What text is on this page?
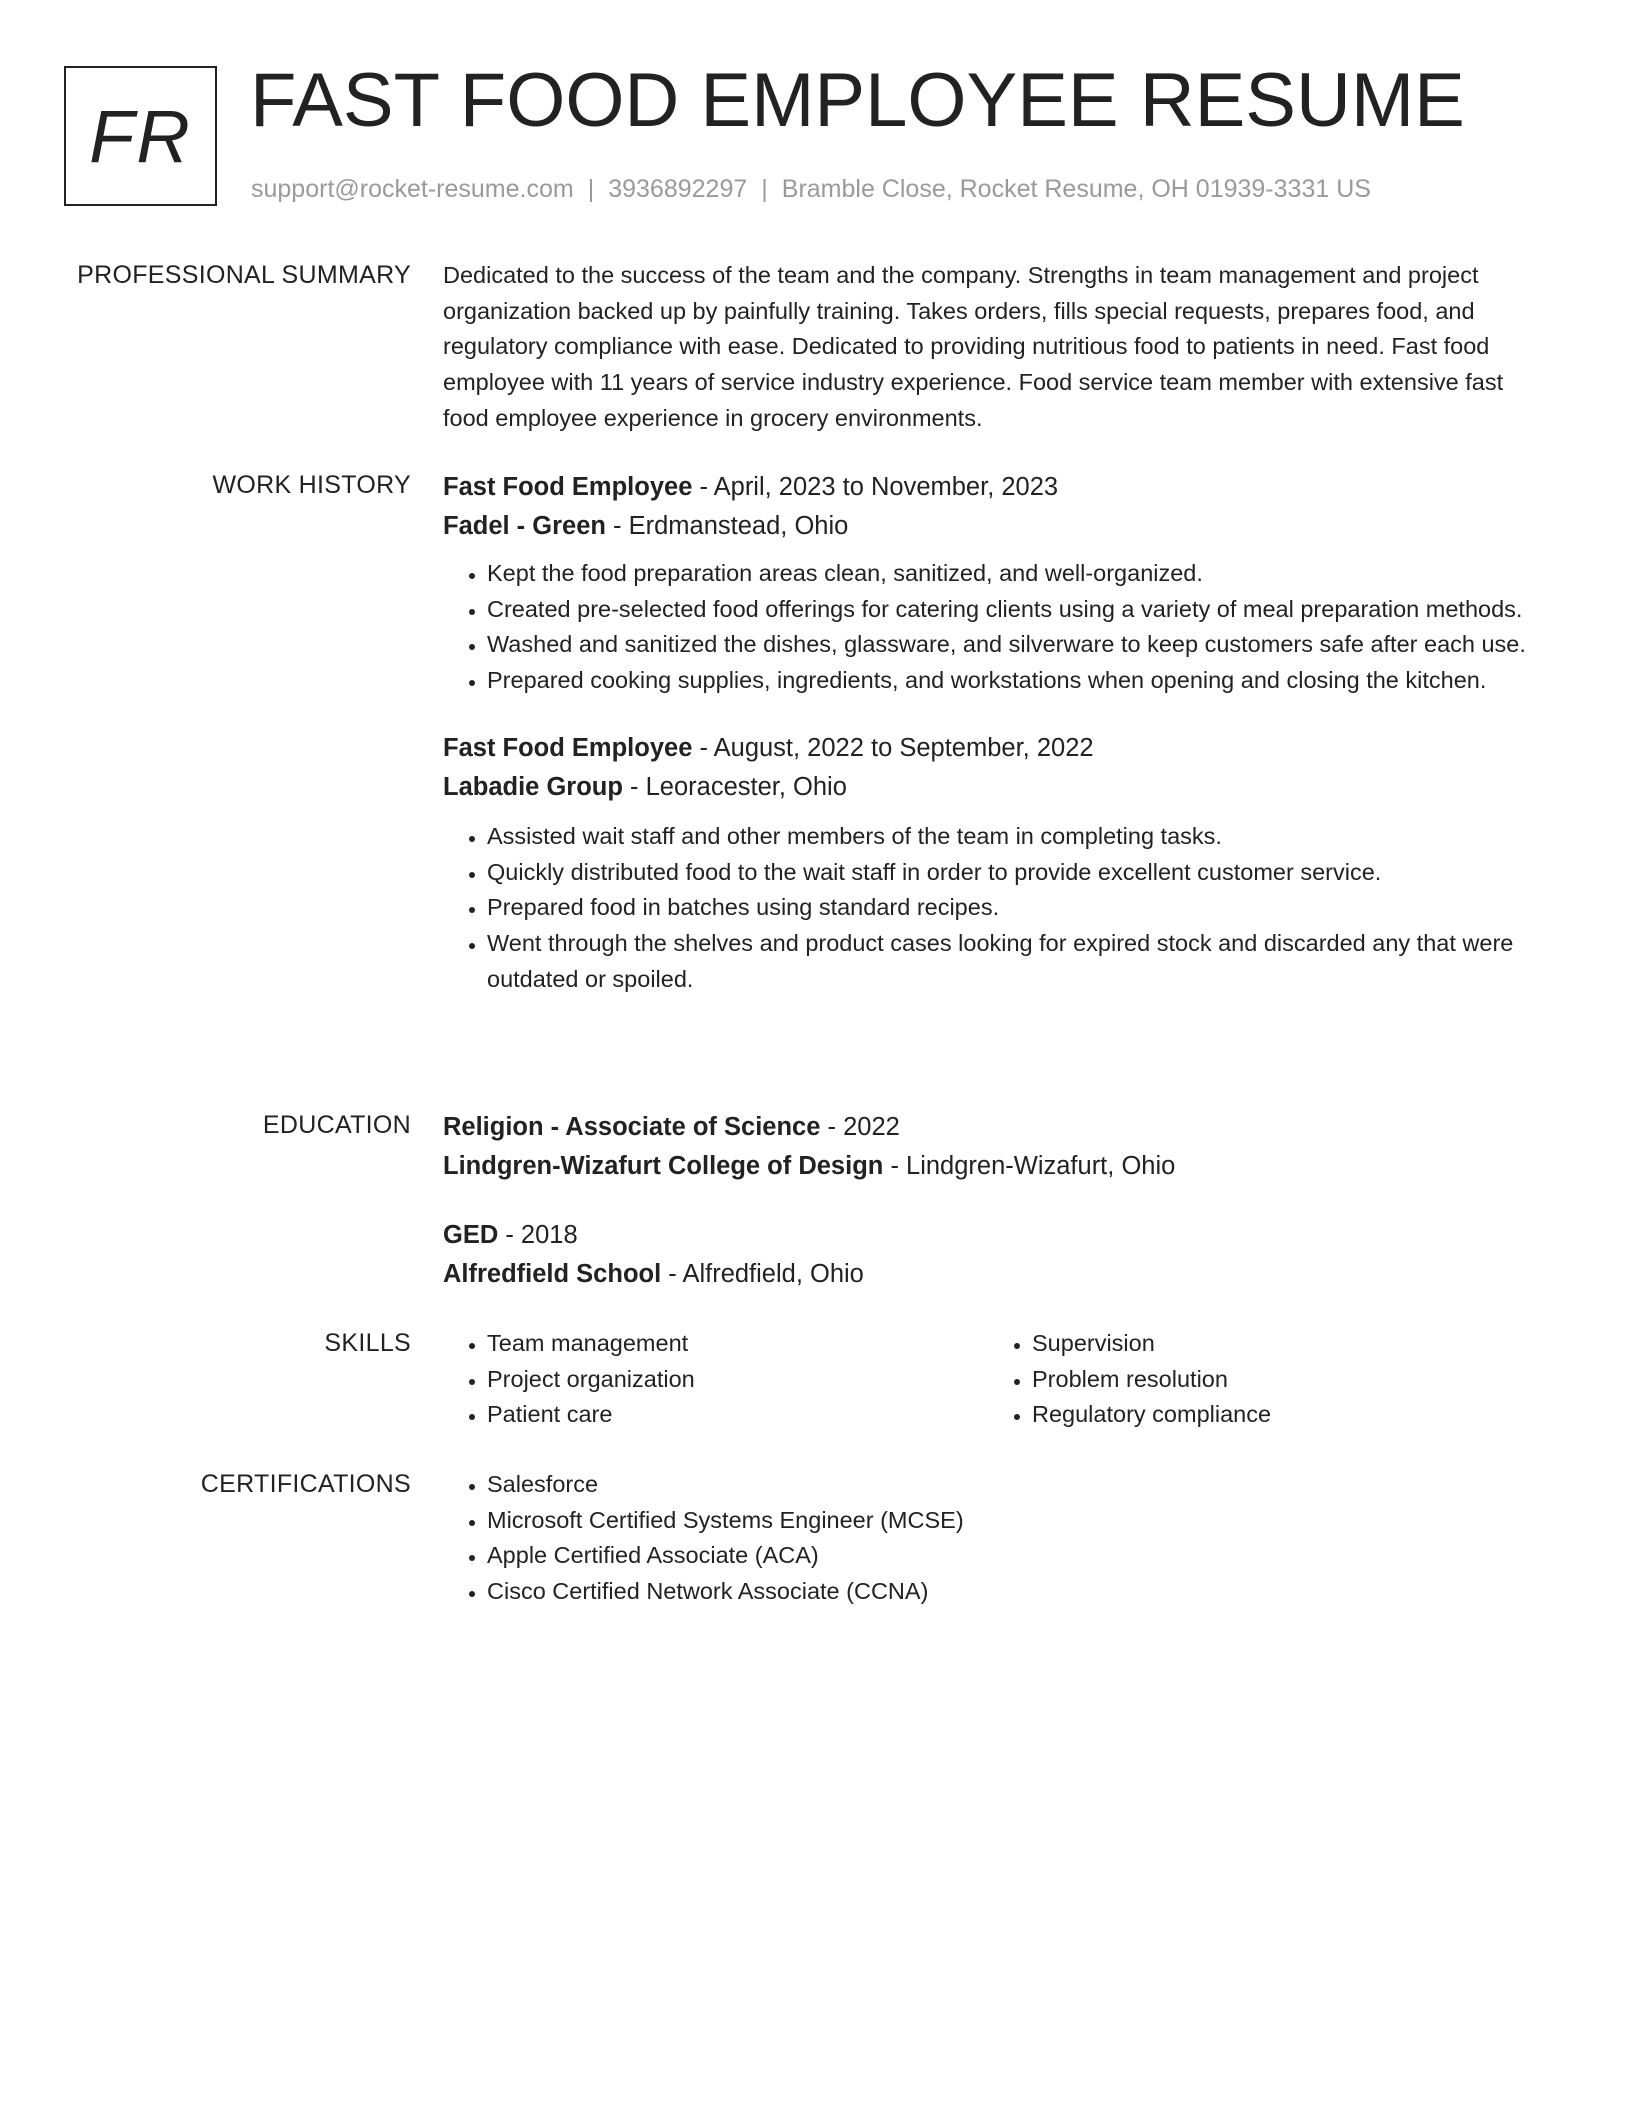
FR FAST FOOD EMPLOYEE RESUME
support@rocket-resume.com | 3936892297 | Bramble Close, Rocket Resume, OH 01939-3331 US
PROFESSIONAL SUMMARY Dedicated to the success of the team and the company. Strengths in team management and project organization backed up by painfully training. Takes orders, fills special requests, prepares food, and regulatory compliance with ease. Dedicated to providing nutritious food to patients in need. Fast food employee with 11 years of service industry experience. Food service team member with extensive fast food employee experience in grocery environments.

WORK HISTORY Fast Food Employee - April, 2023 to November, 2023
Fadel - Green - Erdmanstead, Ohio
• Kept the food preparation areas clean, sanitized, and well-organized.
• Created pre-selected food offerings for catering clients using a variety of meal preparation methods.
• Washed and sanitized the dishes, glassware, and silverware to keep customers safe after each use.
• Prepared cooking supplies, ingredients, and workstations when opening and closing the kitchen.
Fast Food Employee - August, 2022 to September, 2022
Labadie Group - Leoracester, Ohio
• Assisted wait staff and other members of the team in completing tasks.
• Quickly distributed food to the wait staff in order to provide excellent customer service.
• Prepared food in batches using standard recipes.
• Went through the shelves and product cases looking for expired stock and discarded any that were outdated or spoiled.
EDUCATION Religion - Associate of Science - 2022
Lindgren-Wizafurt College of Design - Lindgren-Wizafurt, Ohio
GED - 2018
Alfredfield School - Alfredfield, Ohio
SKILLS	• Team management
• Project organization
• Patient care
• Supervision
• Problem resolution
• Regulatory compliance
CERTIFICATIONS	• Salesforce
• Microsoft Certified Systems Engineer (MCSE)
• Apple Certified Associate (ACA)
• Cisco Certified Network Associate (CCNA)
